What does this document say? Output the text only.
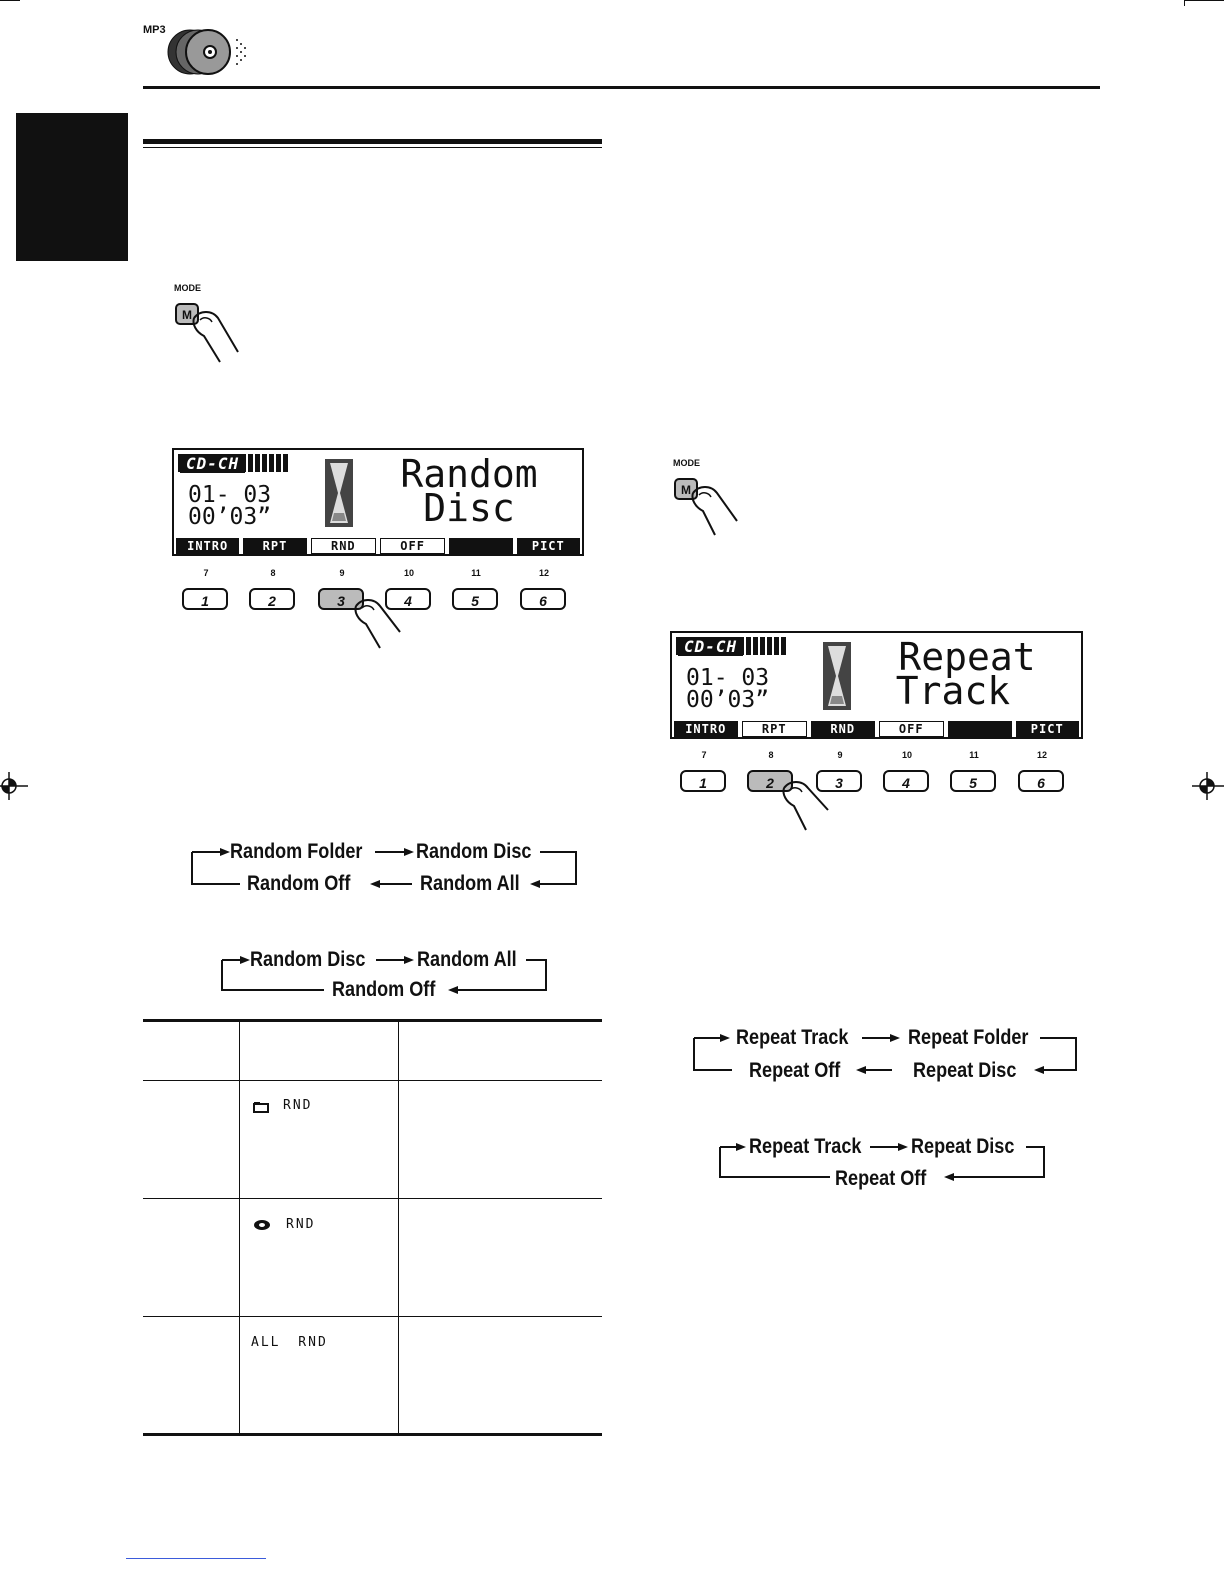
MP3
MODE
M
CD-CH
01- 03
00’03”
Random
Disc
INTRO	RPT	RND	OFF	PICT
7	8	9	10	11	12
1	2	3	4	5	6
Random Folder	Random Disc
Random All
Random Off
Random Disc Random All
Random Off
RND
RND
ALL RND
MODE
M
CD-CH
01- 03
00’03”
Repeat
Track
INTRO	RPT	RND	OFF	PICT
7	8	9	10	11	12
1	2	3	4	5	6
Repeat Track	Repeat Folder
Repeat Disc
Repeat Off
Repeat Track Repeat Disc
Repeat Off
